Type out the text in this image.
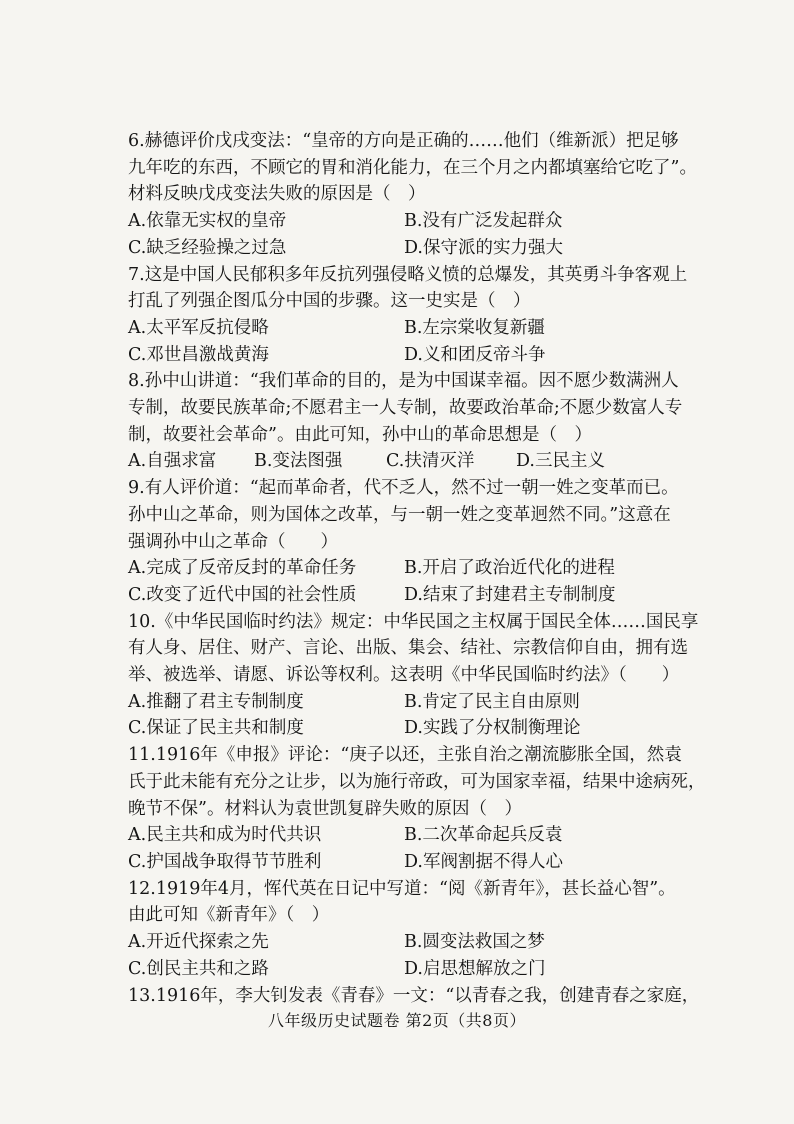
6.赫德评价戊戌变法：“皇帝的方向是正确的……他们（维新派）把足够
九年吃的东西，不顾它的胃和消化能力，在三个月之内都填塞给它吃了”。
材料反映戊戌变法失败的原因是（　）
A.依靠无实权的皇帝	B.没有广泛发起群众
C.缺乏经验操之过急	D.保守派的实力强大
7.这是中国人民郁积多年反抗列强侵略义愤的总爆发，其英勇斗争客观上
打乱了列强企图瓜分中国的步骤。这一史实是（　）
A.太平军反抗侵略	B.左宗棠收复新疆
C.邓世昌激战黄海	D.义和团反帝斗争
8.孙中山讲道：“我们革命的目的，是为中国谋幸福。因不愿少数满洲人
专制，故要民族革命;不愿君主一人专制，故要政治革命;不愿少数富人专
制，故要社会革命”。由此可知，孙中山的革命思想是（　）
A.自强求富	B.变法图强	C.扶清灭洋	D.三民主义
9.有人评价道：“起而革命者，代不乏人，然不过一朝一姓之变革而已。
孙中山之革命，则为国体之改革，与一朝一姓之变革迥然不同。”这意在
强调孙中山之革命（　　）
A.完成了反帝反封的革命任务	B.开启了政治近代化的进程
C.改变了近代中国的社会性质	D.结束了封建君主专制制度
10.《中华民国临时约法》规定：中华民国之主权属于国民全体……国民享
有人身、居住、财产、言论、出版、集会、结社、宗教信仰自由，拥有选
举、被选举、请愿、诉讼等权利。这表明《中华民国临时约法》（　　）
A.推翻了君主专制制度	B.肯定了民主自由原则
C.保证了民主共和制度	D.实践了分权制衡理论
11.1916年《申报》评论：“庚子以还，主张自治之潮流膨胀全国，然袁
氏于此未能有充分之让步，以为施行帝政，可为国家幸福，结果中途病死，
晚节不保”。材料认为袁世凯复辟失败的原因（　）
A.民主共和成为时代共识	B.二次革命起兵反袁
C.护国战争取得节节胜利	D.军阀割据不得人心
12.1919年4月，恽代英在日记中写道：“阅《新青年》，甚长益心智”。
由此可知《新青年》（　）
A.开近代探索之先	B.圆变法救国之梦
C.创民主共和之路	D.启思想解放之门
13.1916年，李大钊发表《青春》一文：“以青春之我，创建青春之家庭，
八年级历史试题卷 第2页（共8页）
